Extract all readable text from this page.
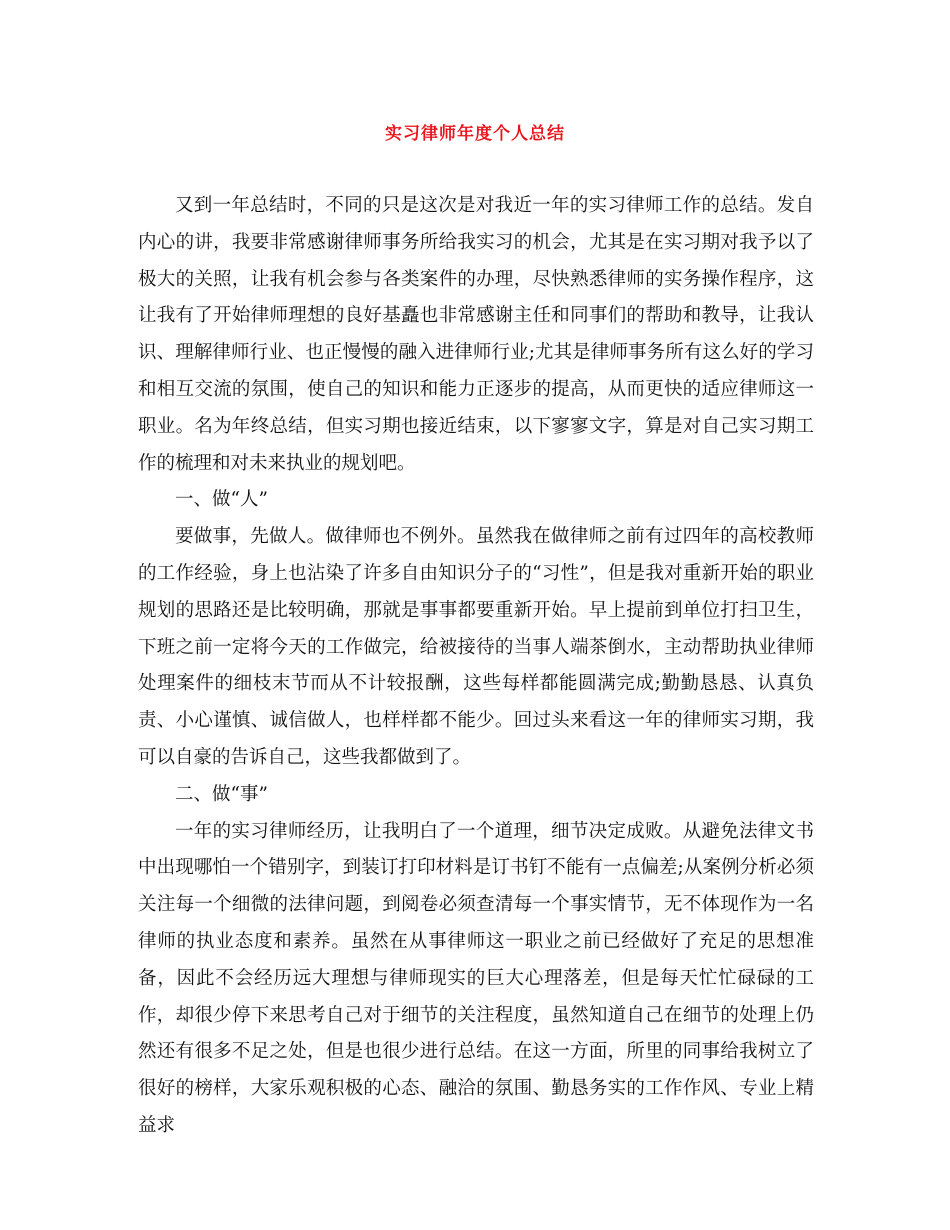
实习律师年度个人总结

又到一年总结时，不同的只是这次是对我近一年的实习律师工作的总结。发自内心的讲，我要非常感谢律师事务所给我实习的机会，尤其是在实习期对我予以了极大的关照，让我有机会参与各类案件的办理，尽快熟悉律师的实务操作程序，这让我有了开始律师理想的良好基矗也非常感谢主任和同事们的帮助和教导，让我认识、理解律师行业、也正慢慢的融入进律师行业;尤其是律师事务所有这么好的学习和相互交流的氛围，使自己的知识和能力正逐步的提高，从而更快的适应律师这一职业。名为年终总结，但实习期也接近结束，以下寥寥文字，算是对自己实习期工作的梳理和对未来执业的规划吧。

一、做“人”

要做事，先做人。做律师也不例外。虽然我在做律师之前有过四年的高校教师的工作经验，身上也沾染了许多自由知识分子的“习性”，但是我对重新开始的职业规划的思路还是比较明确，那就是事事都要重新开始。早上提前到单位打扫卫生，下班之前一定将今天的工作做完，给被接待的当事人端茶倒水，主动帮助执业律师处理案件的细枝末节而从不计较报酬，这些每样都能圆满完成;勤勤恳恳、认真负责、小心谨慎、诚信做人，也样样都不能少。回过头来看这一年的律师实习期，我可以自豪的告诉自己，这些我都做到了。

二、做“事”

一年的实习律师经历，让我明白了一个道理，细节决定成败。从避免法律文书中出现哪怕一个错别字，到装订打印材料是订书钉不能有一点偏差;从案例分析必须关注每一个细微的法律问题，到阅卷必须查清每一个事实情节，无不体现作为一名律师的执业态度和素养。虽然在从事律师这一职业之前已经做好了充足的思想准备，因此不会经历远大理想与律师现实的巨大心理落差，但是每天忙忙碌碌的工作，却很少停下来思考自己对于细节的关注程度，虽然知道自己在细节的处理上仍然还有很多不足之处，但是也很少进行总结。在这一方面，所里的同事给我树立了很好的榜样，大家乐观积极的心态、融洽的氛围、勤恳务实的工作作风、专业上精益求
